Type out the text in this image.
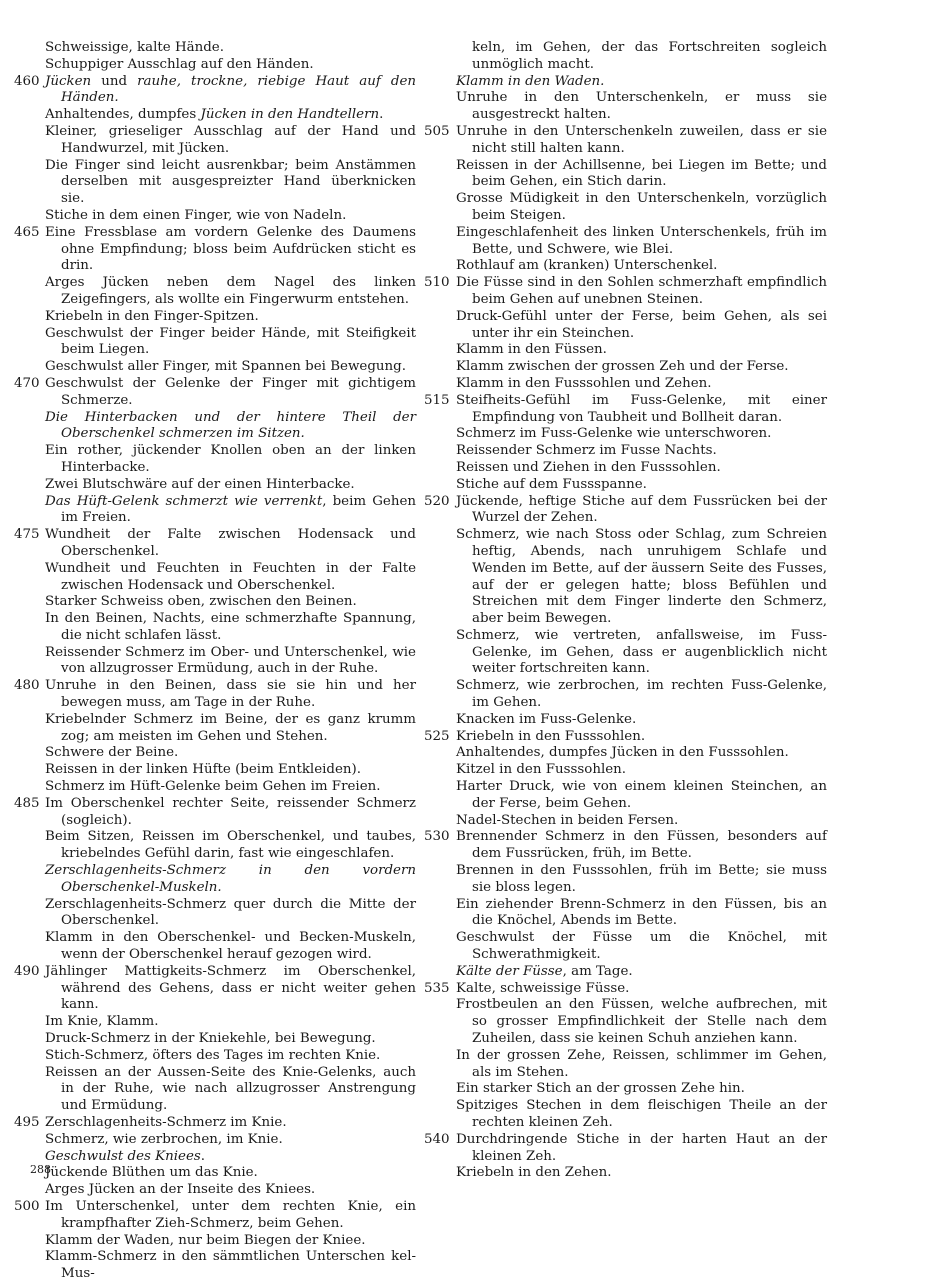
Schweissige, kalte Hände.
Schuppiger Ausschlag auf den Händen.
460 Jücken und rauhe, trockne, riebige Haut auf den Händen.
Anhaltendes, dumpfes Jücken in den Handtellern.
Kleiner, grieseliger Ausschlag auf der Hand und Handwurzel, mit Jücken.
Die Finger sind leicht ausrenkbar; beim Anstämmen derselben mit ausgespreizter Hand überknicken sie.
Stiche in dem einen Finger, wie von Nadeln.
465 Eine Fressblase am vordern Gelenke des Daumens ohne Empfindung; bloss beim Aufdrücken sticht es drin.
Arges Jücken neben dem Nagel des linken Zeigefingers, als wollte ein Fingerwurm entstehen.
Kriebeln in den Finger-Spitzen.
Geschwulst der Finger beider Hände, mit Steifigkeit beim Liegen.
Geschwulst aller Finger, mit Spannen bei Bewegung.
470 Geschwulst der Gelenke der Finger mit gichtigem Schmerze.
Die Hinterbacken und der hintere Theil der Oberschenkel schmerzen im Sitzen.
Ein rother, jückender Knollen oben an der linken Hinterbacke.
Zwei Blutschwäre auf der einen Hinterbacke.
Das Hüft-Gelenk schmerzt wie verrenkt, beim Gehen im Freien.
475 Wundheit der Falte zwischen Hodensack und Oberschenkel.
Wundheit und Feuchten in Feuchten in der Falte zwischen Hodensack und Oberschenkel.
Starker Schweiss oben, zwischen den Beinen.
In den Beinen, Nachts, eine schmerzhafte Spannung, die nicht schlafen lässt.
Reissender Schmerz im Ober- und Unterschenkel, wie von allzugrosser Ermüdung, auch in der Ruhe.
480 Unruhe in den Beinen, dass sie sie hin und her bewegen muss, am Tage in der Ruhe.
Kriebelnder Schmerz im Beine, der es ganz krumm zog; am meisten im Gehen und Stehen.
Schwere der Beine.
Reissen in der linken Hüfte (beim Entkleiden).
Schmerz im Hüft-Gelenke beim Gehen im Freien.
485 Im Oberschenkel rechter Seite, reissender Schmerz (sogleich).
Beim Sitzen, Reissen im Oberschenkel, und taubes, kriebelndes Gefühl darin, fast wie eingeschlafen.
Zerschlagenheits-Schmerz in den vordern Oberschenkel-Muskeln.
Zerschlagenheits-Schmerz quer durch die Mitte der Oberschenkel.
Klamm in den Oberschenkel- und Becken-Muskeln, wenn der Oberschenkel herauf gezogen wird.
490 Jählinger Mattigkeits-Schmerz im Oberschenkel, während des Gehens, dass er nicht weiter gehen kann.
Im Knie, Klamm.
Druck-Schmerz in der Kniekehle, bei Bewegung.
Stich-Schmerz, öfters des Tages im rechten Knie.
Reissen an der Aussen-Seite des Knie-Gelenks, auch in der Ruhe, wie nach allzugrosser Anstrengung und Ermüdung.
495 Zerschlagenheits-Schmerz im Knie.
Schmerz, wie zerbrochen, im Knie.
Geschwulst des Kniees.
Jückende Blüthen um das Knie.
Arges Jücken an der Inseite des Kniees.
500 Im Unterschenkel, unter dem rechten Knie, ein krampfhafter Zieh-Schmerz, beim Gehen.
Klamm der Waden, nur beim Biegen der Kniee.
Klamm-Schmerz in den sämmtlichen Unterschen kel-Mus-
keln, im Gehen, der das Fortschreiten sogleich unmöglich macht.
Klamm in den Waden.
Unruhe in den Unterschenkeln, er muss sie ausgestreckt halten.
505 Unruhe in den Unterschenkeln zuweilen, dass er sie nicht still halten kann.
Reissen in der Achillsenne, bei Liegen im Bette; und beim Gehen, ein Stich darin.
Grosse Müdigkeit in den Unterschenkeln, vorzüglich beim Steigen.
Eingeschlafenheit des linken Unterschenkels, früh im Bette, und Schwere, wie Blei.
Rothlauf am (kranken) Unterschenkel.
510 Die Füsse sind in den Sohlen schmerzhaft empfindlich beim Gehen auf unebnen Steinen.
Druck-Gefühl unter der Ferse, beim Gehen, als sei unter ihr ein Steinchen.
Klamm in den Füssen.
Klamm zwischen der grossen Zeh und der Ferse.
Klamm in den Fusssohlen und Zehen.
515 Steifheits-Gefühl im Fuss-Gelenke, mit einer Empfindung von Taubheit und Bollheit daran.
Schmerz im Fuss-Gelenke wie unterschworen.
Reissender Schmerz im Fusse Nachts.
Reissen und Ziehen in den Fusssohlen.
Stiche auf dem Fussspanne.
520 Jückende, heftige Stiche auf dem Fussrücken bei der Wurzel der Zehen.
Schmerz, wie nach Stoss oder Schlag, zum Schreien heftig, Abends, nach unruhigem Schlafe und Wenden im Bette, auf der äussern Seite des Fusses, auf der er gelegen hatte; bloss Befühlen und Streichen mit dem Finger linderte den Schmerz, aber beim Bewegen.
Schmerz, wie vertreten, anfallsweise, im Fuss-Gelenke, im Gehen, dass er augenblicklich nicht weiter fortschreiten kann.
Schmerz, wie zerbrochen, im rechten Fuss-Gelenke, im Gehen.
Knacken im Fuss-Gelenke.
525 Kriebeln in den Fusssohlen.
Anhaltendes, dumpfes Jücken in den Fusssohlen.
Kitzel in den Fusssohlen.
Harter Druck, wie von einem kleinen Steinchen, an der Ferse, beim Gehen.
Nadel-Stechen in beiden Fersen.
530 Brennender Schmerz in den Füssen, besonders auf dem Fussrücken, früh, im Bette.
Brennen in den Fusssohlen, früh im Bette; sie muss sie bloss legen.
Ein ziehender Brenn-Schmerz in den Füssen, bis an die Knöchel, Abends im Bette.
Geschwulst der Füsse um die Knöchel, mit Schwerathmigkeit.
Kälte der Füsse, am Tage.
535 Kalte, schweissige Füsse.
Frostbeulen an den Füssen, welche aufbrechen, mit so grosser Empfindlichkeit der Stelle nach dem Zuheilen, dass sie keinen Schuh anziehen kann.
In der grossen Zehe, Reissen, schlimmer im Gehen, als im Stehen.
Ein starker Stich an der grossen Zehe hin.
Spitziges Stechen in dem fleischigen Theile an der rechten kleinen Zeh.
540 Durchdringende Stiche in der harten Haut an der kleinen Zeh.
Kriebeln in den Zehen.
288
